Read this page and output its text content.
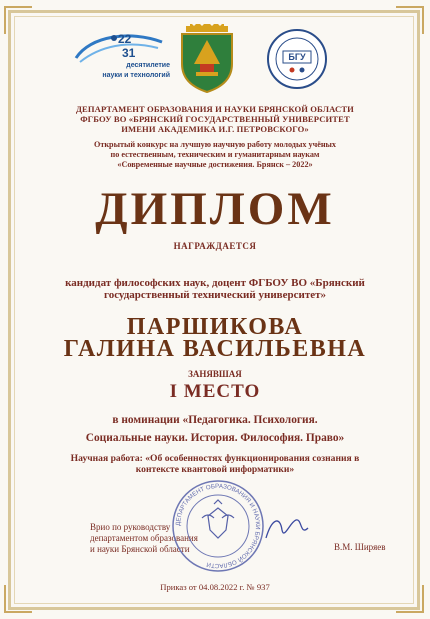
22
31
десятилетие
науки и технологий
БГУ
ДЕПАРТАМЕНТ ОБРАЗОВАНИЯ И НАУКИ БРЯНСКОЙ ОБЛАСТИ
ФГБОУ ВО «БРЯНСКИЙ ГОСУДАРСТВЕННЫЙ УНИВЕРСИТЕТ
ИМЕНИ АКАДЕМИКА И.Г. ПЕТРОВСКОГО»
Открытый конкурс на лучшую научную работу молодых учёных
по естественным, техническим и гуманитарным наукам
«Современные научные достижения. Брянск – 2022»
ДИПЛОМ
НАГРАЖДАЕТСЯ
кандидат философских наук, доцент ФГБОУ ВО «Брянский
государственный технический университет»
ПАРШИКОВА
ГАЛИНА ВАСИЛЬЕВНА
ЗАНЯВШАЯ
I МЕСТО
в номинации «Педагогика. Психология.
Социальные науки. История. Философия. Право»
Научная работа: «Об особенностях функционирования сознания в
контексте квантовой информатики»
Врио по руководству
департаментом образования
и науки Брянской области
ДЕПАРТАМЕНТ ОБРАЗОВАНИЯ И НАУКИ БРЯНСКОЙ ОБЛАСТИ
В.М. Ширяев
Приказ от 04.08.2022 г. № 937
